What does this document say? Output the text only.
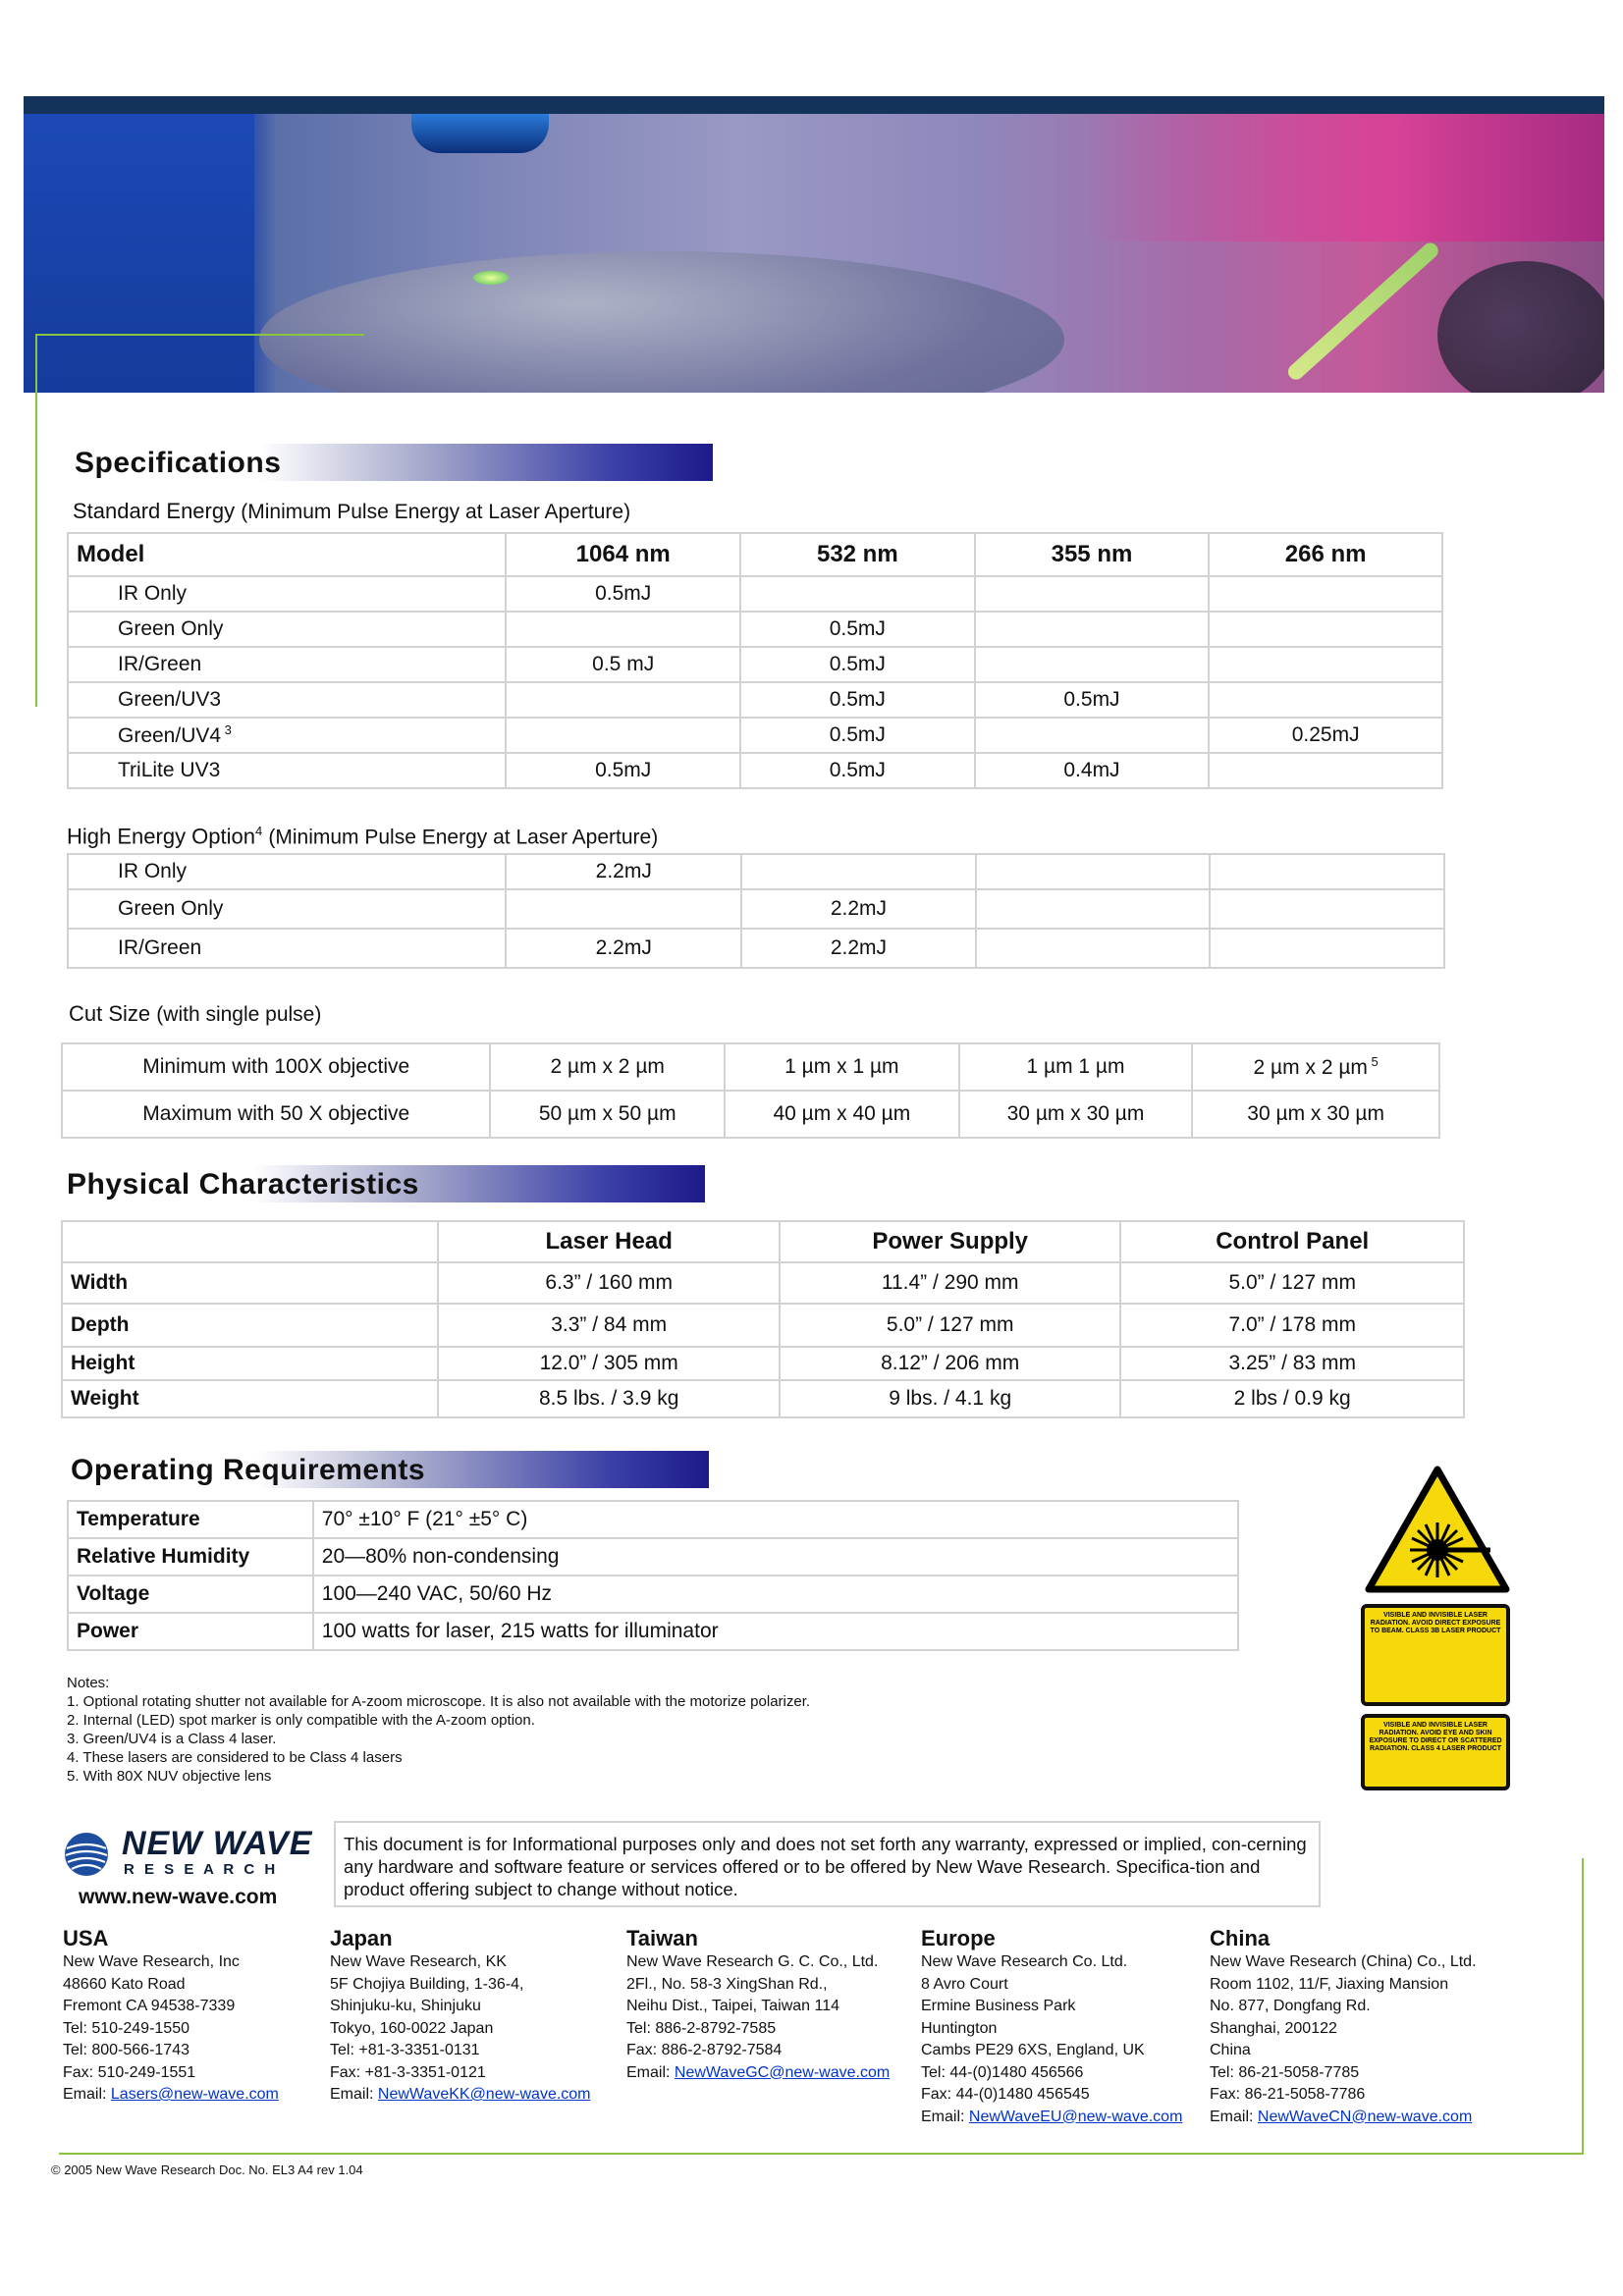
Specifications
Standard Energy (Minimum Pulse Energy at Laser Aperture)
Model	1064 nm	532 nm	355 nm	266 nm
IR Only	0.5mJ			
Green Only		0.5mJ		
IR/Green	0.5 mJ	0.5mJ		
Green/UV3		0.5mJ	0.5mJ	
Green/UV4 $^3$		0.5mJ		0.25mJ
TriLite UV3	0.5mJ	0.5mJ	0.4mJ	
High Energy Option$^4$ (Minimum Pulse Energy at Laser Aperture)
IR Only	2.2mJ			
Green Only		2.2mJ		
IR/Green	2.2mJ	2.2mJ		
Cut Size (with single pulse)
Minimum with 100X objective	2 µm x 2 µm	1 µm x 1 µm	1 µm 1 µm	2 µm x 2 µm $^5$
Maximum with 50 X objective	50 µm x 50 µm	40 µm x 40 µm	30 µm x 30 µm	30 µm x 30 µm
Physical Characteristics
	Laser Head	Power Supply	Control Panel
Width	6.3” / 160 mm	11.4” / 290 mm	5.0” / 127 mm
Depth	3.3” / 84 mm	5.0” / 127 mm	7.0” / 178 mm
Height	12.0” / 305 mm	8.12” / 206 mm	3.25” / 83 mm
Weight	8.5 lbs. / 3.9 kg	9 lbs. / 4.1 kg	2 lbs / 0.9 kg
Operating Requirements
Temperature	70° ±10° F (21° ±5° C)
Relative Humidity	20—80% non-condensing
Voltage	100—240 VAC, 50/60 Hz
Power	100 watts for laser, 215 watts for illuminator
VISIBLE AND INVISIBLE LASER RADIATION. AVOID DIRECT EXPOSURE TO BEAM. CLASS 3B LASER PRODUCT
VISIBLE AND INVISIBLE LASER RADIATION. AVOID EYE AND SKIN EXPOSURE TO DIRECT OR SCATTERED RADIATION. CLASS 4 LASER PRODUCT
Notes:
1. Optional rotating shutter not available for A-zoom microscope. It is also not available with the motorize polarizer.
2. Internal (LED) spot marker is only compatible with the A-zoom option.
3. Green/UV4 is a Class 4 laser.
4. These lasers are considered to be Class 4 lasers
5. With 80X NUV objective lens
NEW WAVE
R E S E A R C H
www.new-wave.com
This document is for Informational purposes only and does not set forth any warranty, expressed or implied, con-cerning any hardware and software feature or services offered or to be offered by New Wave Research. Specifica-tion and product offering subject to change without notice.
USA
New Wave Research, Inc
48660 Kato Road
Fremont CA 94538-7339
Tel: 510-249-1550
Tel: 800-566-1743
Fax: 510-249-1551
Email: Lasers@new-wave.com
Japan
New Wave Research, KK
5F Chojiya Building, 1-36-4,
Shinjuku-ku, Shinjuku
Tokyo, 160-0022 Japan
Tel: +81-3-3351-0131
Fax: +81-3-3351-0121
Email: NewWaveKK@new-wave.com
Taiwan
New Wave Research G. C. Co., Ltd.
2Fl., No. 58-3 XingShan Rd.,
Neihu Dist., Taipei, Taiwan 114
Tel: 886-2-8792-7585
Fax: 886-2-8792-7584
Email: NewWaveGC@new-wave.com
Europe
New Wave Research Co. Ltd.
8 Avro Court
Ermine Business Park
Huntington
Cambs PE29 6XS, England, UK
Tel: 44-(0)1480 456566
Fax: 44-(0)1480 456545
Email: NewWaveEU@new-wave.com
China
New Wave Research (China) Co., Ltd.
Room 1102, 11/F, Jiaxing Mansion
No. 877, Dongfang Rd.
Shanghai, 200122
China
Tel: 86-21-5058-7785
Fax: 86-21-5058-7786
Email: NewWaveCN@new-wave.com
© 2005 New Wave Research Doc. No. EL3 A4 rev 1.04
